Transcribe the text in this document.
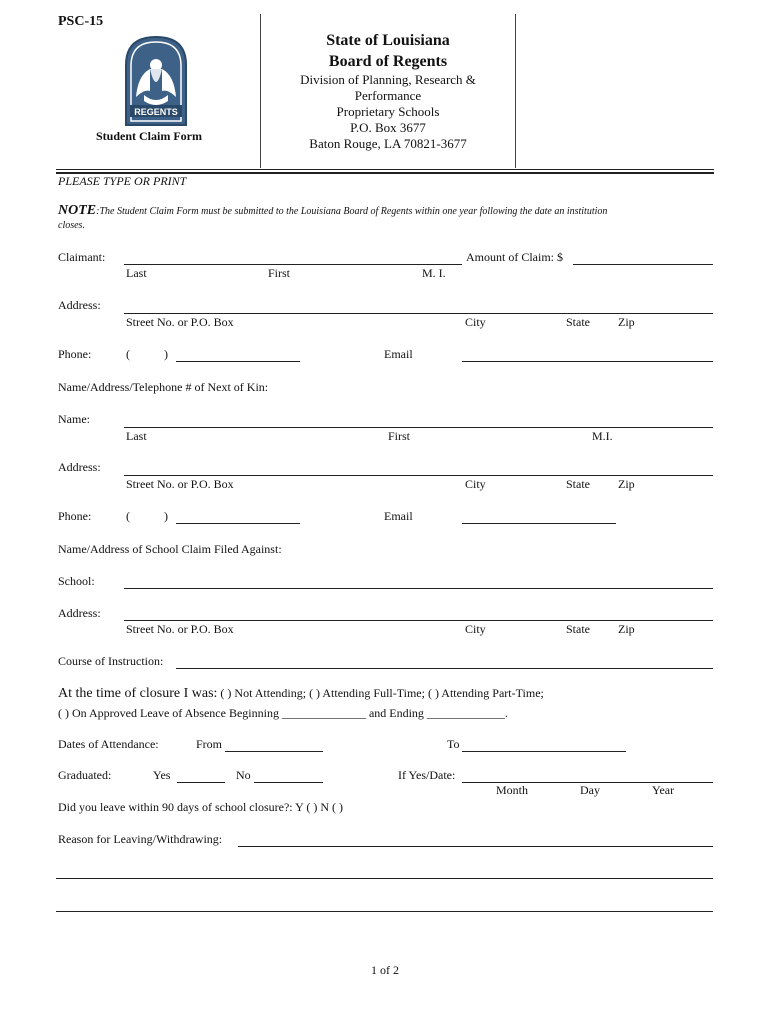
PSC-15
REGENTS
Student Claim Form
State of Louisiana
Board of Regents
Division of Planning, Research &
Performance
Proprietary Schools
P.O. Box 3677
Baton Rouge, LA 70821-3677
PLEASE TYPE OR PRINT
NOTE:The Student Claim Form must be submitted to the Louisiana Board of Regents within one year following the date an institution
closes.
Claimant:	Amount of Claim: $
Last	First	M. I.
Address:
Street No. or P.O. Box	City	State Zip
Phone:	(	)	Email
Name/Address/Telephone # of Next of Kin:
Name:
Last	First	M.I.
Address:
Street No. or P.O. Box	City	State Zip
Phone:	(	)	Email
Name/Address of School Claim Filed Against:
School:
Address:
Street No. or P.O. Box	City	State Zip
Course of Instruction:
At the time of closure I was: ( ) Not Attending; ( ) Attending Full-Time; ( ) Attending Part-Time;
( ) On Approved Leave of Absence Beginning ______________ and Ending _____________.
Dates of Attendance:	From	To
Graduated:	Yes	No	If Yes/Date:
Month	Day	Year
Did you leave within 90 days of school closure?: Y ( ) N ( )
Reason for Leaving/Withdrawing:
1 of 2
